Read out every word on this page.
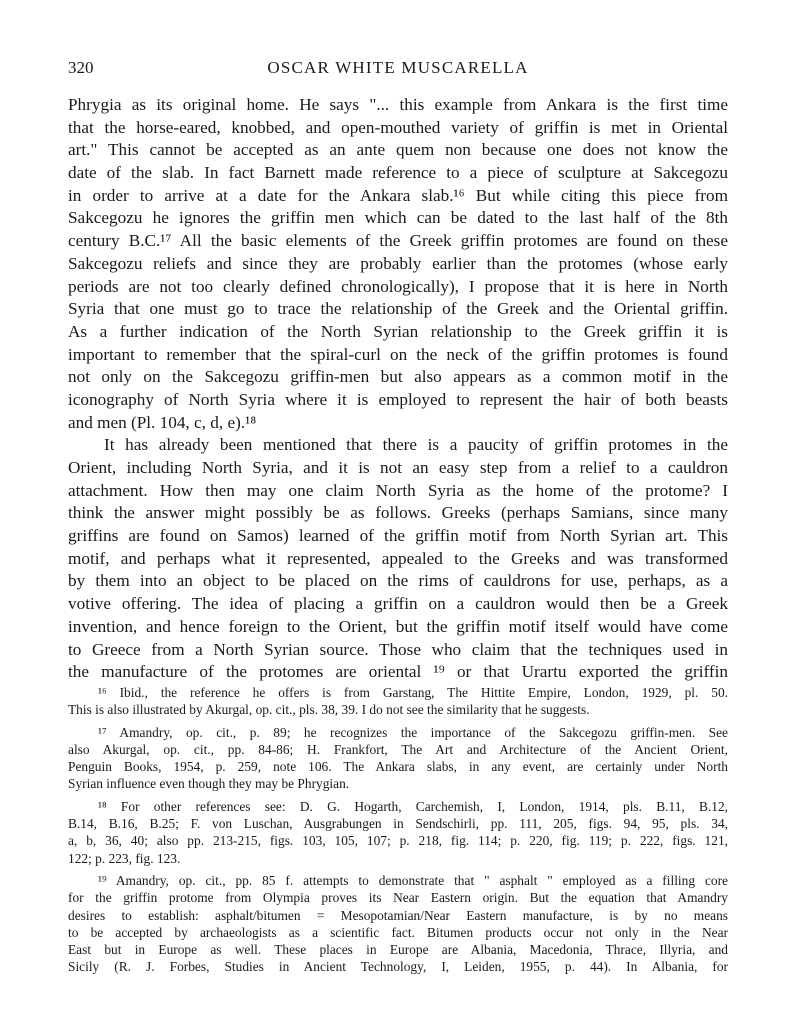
320	OSCAR WHITE MUSCARELLA
Phrygia as its original home. He says "... this example from Ankara is the first time
that the horse-eared, knobbed, and open-mouthed variety of griffin is met in Oriental
art." This cannot be accepted as an ante quem non because one does not know the
date of the slab. In fact Barnett made reference to a piece of sculpture at Sakcegozu
in order to arrive at a date for the Ankara slab.¹⁶ But while citing this piece from
Sakcegozu he ignores the griffin men which can be dated to the last half of the 8th
century B.C.¹⁷ All the basic elements of the Greek griffin protomes are found on these
Sakcegozu reliefs and since they are probably earlier than the protomes (whose early
periods are not too clearly defined chronologically), I propose that it is here in North
Syria that one must go to trace the relationship of the Greek and the Oriental griffin.
As a further indication of the North Syrian relationship to the Greek griffin it is
important to remember that the spiral-curl on the neck of the griffin protomes is found
not only on the Sakcegozu griffin-men but also appears as a common motif in the
iconography of North Syria where it is employed to represent the hair of both beasts
and men (Pl. 104, c, d, e).¹⁸
It has already been mentioned that there is a paucity of griffin protomes in the
Orient, including North Syria, and it is not an easy step from a relief to a cauldron
attachment. How then may one claim North Syria as the home of the protome? I
think the answer might possibly be as follows. Greeks (perhaps Samians, since many
griffins are found on Samos) learned of the griffin motif from North Syrian art. This
motif, and perhaps what it represented, appealed to the Greeks and was transformed
by them into an object to be placed on the rims of cauldrons for use, perhaps, as a
votive offering. The idea of placing a griffin on a cauldron would then be a Greek
invention, and hence foreign to the Orient, but the griffin motif itself would have come
to Greece from a North Syrian source. Those who claim that the techniques used in
the manufacture of the protomes are oriental ¹⁹ or that Urartu exported the griffin
¹⁶ Ibid., the reference he offers is from Garstang, The Hittite Empire, London, 1929, pl. 50.
This is also illustrated by Akurgal, op. cit., pls. 38, 39. I do not see the similarity that he suggests.
¹⁷ Amandry, op. cit., p. 89; he recognizes the importance of the Sakcegozu griffin-men. See
also Akurgal, op. cit., pp. 84-86; H. Frankfort, The Art and Architecture of the Ancient Orient,
Penguin Books, 1954, p. 259, note 106. The Ankara slabs, in any event, are certainly under North
Syrian influence even though they may be Phrygian.
¹⁸ For other references see: D. G. Hogarth, Carchemish, I, London, 1914, pls. B.11, B.12,
B.14, B.16, B.25; F. von Luschan, Ausgrabungen in Sendschirli, pp. 111, 205, figs. 94, 95, pls. 34,
a, b, 36, 40; also pp. 213-215, figs. 103, 105, 107; p. 218, fig. 114; p. 220, fig. 119; p. 222, figs. 121,
122; p. 223, fig. 123.
¹⁹ Amandry, op. cit., pp. 85 f. attempts to demonstrate that " asphalt " employed as a filling core
for the griffin protome from Olympia proves its Near Eastern origin. But the equation that Amandry
desires to establish: asphalt/bitumen = Mesopotamian/Near Eastern manufacture, is by no means
to be accepted by archaeologists as a scientific fact. Bitumen products occur not only in the Near
East but in Europe as well. These places in Europe are Albania, Macedonia, Thrace, Illyria, and
Sicily (R. J. Forbes, Studies in Ancient Technology, I, Leiden, 1955, p. 44). In Albania, for
